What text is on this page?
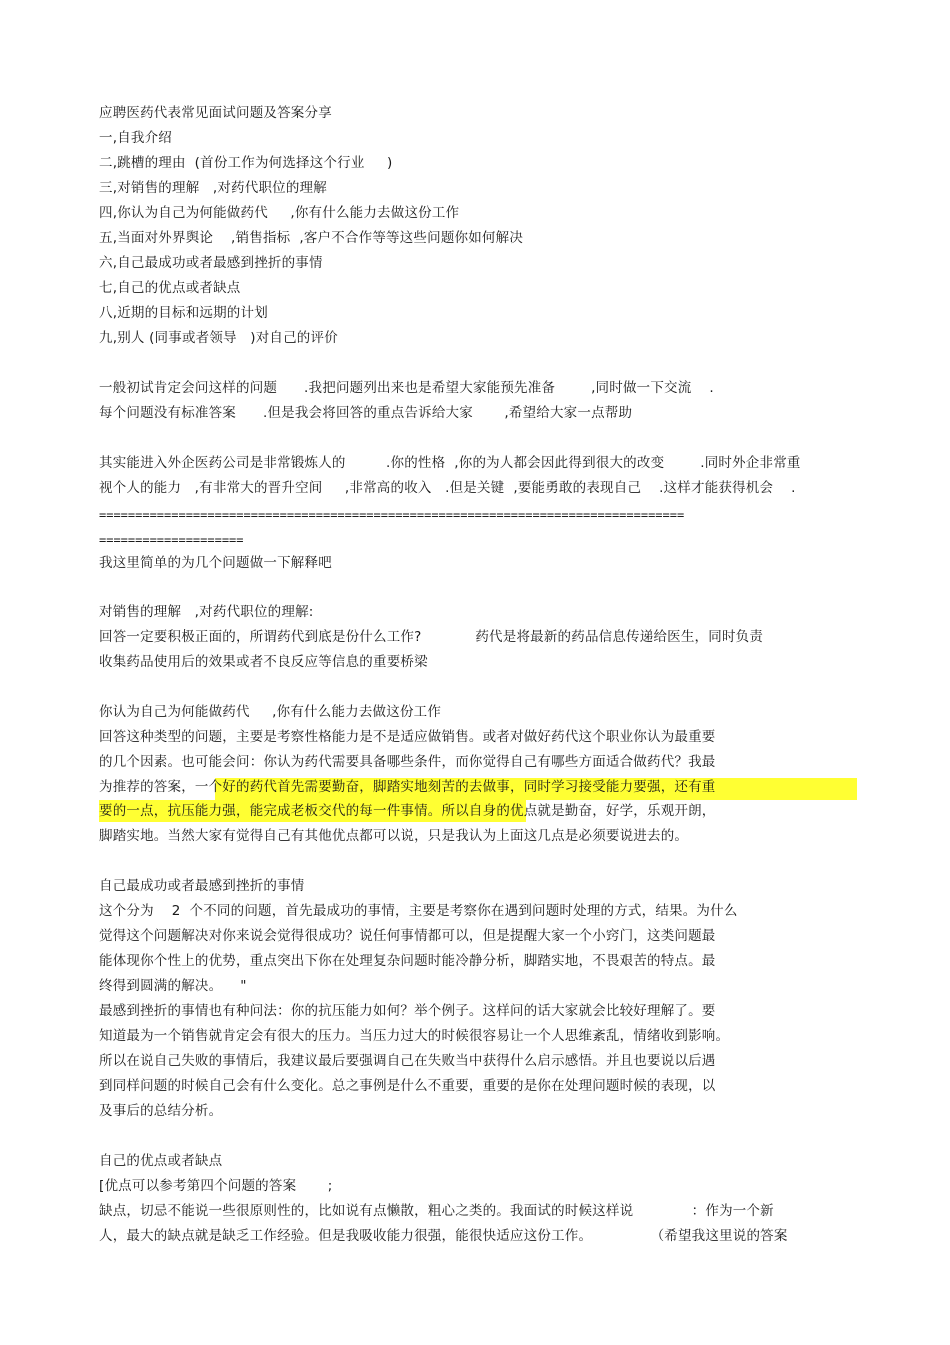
应聘医药代表常见面试问题及答案分享
一,自我介绍
二,跳槽的理由  (首份工作为何选择这个行业     )
三,对销售的理解   ,对药代职位的理解
四,你认为自己为何能做药代     ,你有什么能力去做这份工作
五,当面对外界舆论    ,销售指标  ,客户不合作等等这些问题你如何解决
六,自己最成功或者最感到挫折的事情
七,自己的优点或者缺点
八,近期的目标和远期的计划
九,别人 (同事或者领导   )对自己的评价
一般初试肯定会问这样的问题      .我把问题列出来也是希望大家能预先准备        ,同时做一下交流    .
每个问题没有标准答案      .但是我会将回答的重点告诉给大家       ,希望给大家一点帮助
其实能进入外企医药公司是非常锻炼人的         .你的性格  ,你的为人都会因此得到很大的改变        .同时外企非常重
视个人的能力   ,有非常大的晋升空间     ,非常高的收入   .但是关键  ,要能勇敢的表现自己    .这样才能获得机会    .
=================================================================================
====================
我这里简单的为几个问题做一下解释吧
对销售的理解   ,对药代职位的理解:
回答一定要积极正面的，所谓药代到底是份什么工作?            药代是将最新的药品信息传递给医生，同时负责
收集药品使用后的效果或者不良反应等信息的重要桥梁
你认为自己为何能做药代     ,你有什么能力去做这份工作
回答这种类型的问题，主要是考察性格能力是不是适应做销售。或者对做好药代这个职业你认为最重要
的几个因素。也可能会问：你认为药代需要具备哪些条件，而你觉得自己有哪些方面适合做药代？我最
为推荐的答案，一个好的药代首先需要勤奋，脚踏实地刻苦的去做事，同时学习接受能力要强，还有重
要的一点，抗压能力强，能完成老板交代的每一件事情。所以自身的优点就是勤奋，好学，乐观开朗，
脚踏实地。当然大家有觉得自己有其他优点都可以说，只是我认为上面这几点是必须要说进去的。
自己最成功或者最感到挫折的事情
这个分为    2  个不同的问题，首先最成功的事情，主要是考察你在遇到问题时处理的方式，结果。为什么
觉得这个问题解决对你来说会觉得很成功？说任何事情都可以，但是提醒大家一个小窍门，这类问题最
能体现你个性上的优势，重点突出下你在处理复杂问题时能冷静分析，脚踏实地，不畏艰苦的特点。最
终得到圆满的解决。    "
最感到挫折的事情也有种问法：你的抗压能力如何？举个例子。这样问的话大家就会比较好理解了。要
知道最为一个销售就肯定会有很大的压力。当压力过大的时候很容易让一个人思维紊乱，情绪收到影响。
所以在说自己失败的事情后，我建议最后要强调自己在失败当中获得什么启示感悟。并且也要说以后遇
到同样问题的时候自己会有什么变化。总之事例是什么不重要，重要的是你在处理问题时候的表现，以
及事后的总结分析。
自己的优点或者缺点
[优点可以参考第四个问题的答案       ;
缺点，切忌不能说一些很原则性的，比如说有点懒散，粗心之类的。我面试的时候这样说             ：作为一个新
人，最大的缺点就是缺乏工作经验。但是我吸收能力很强，能很快适应这份工作。             （希望我这里说的答案
